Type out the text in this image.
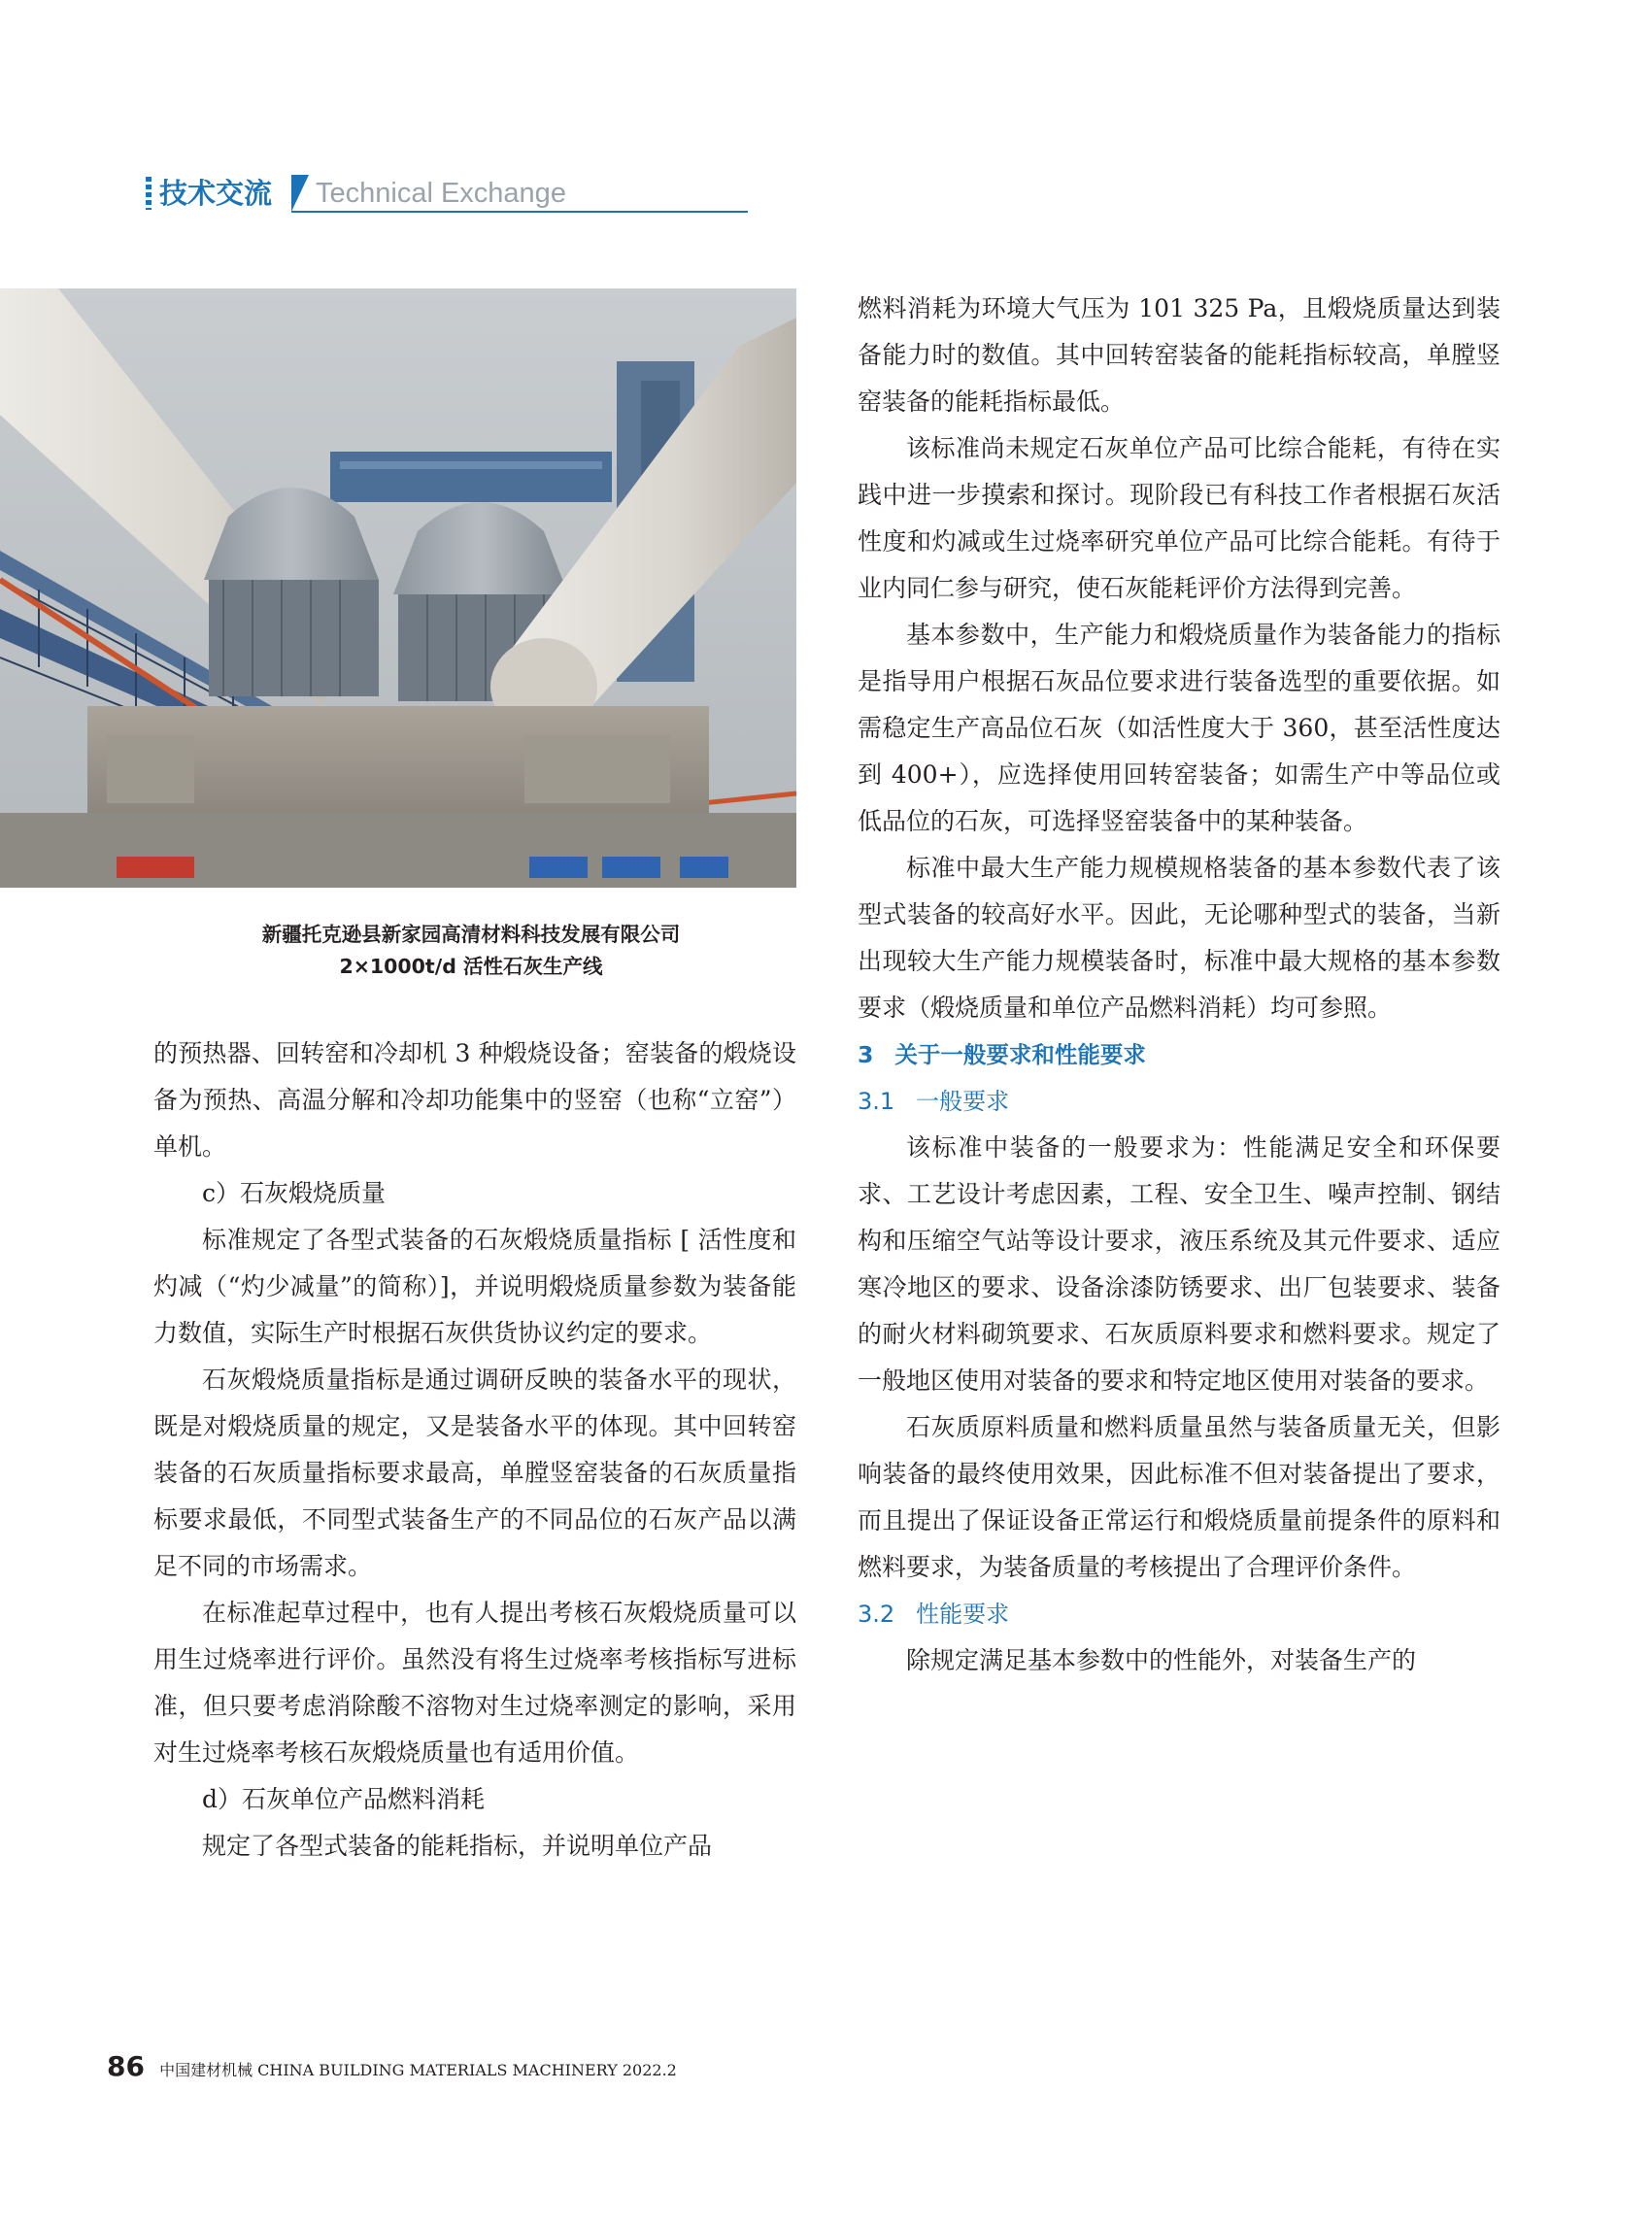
技术交流 Technical Exchange
新疆托克逊县新家园高清材料科技发展有限公司
2×1000t/d 活性石灰生产线

的预热器、回转窑和冷却机 3 种煅烧设备；窑装备的煅烧设备为预热、高温分解和冷却功能集中的竖窑（也称“立窑”）单机。

c）石灰煅烧质量

标准规定了各型式装备的石灰煅烧质量指标 [ 活性度和灼减（“灼少减量”的简称）]，并说明煅烧质量参数为装备能力数值，实际生产时根据石灰供货协议约定的要求。

石灰煅烧质量指标是通过调研反映的装备水平的现状，既是对煅烧质量的规定，又是装备水平的体现。其中回转窑装备的石灰质量指标要求最高，单膛竖窑装备的石灰质量指标要求最低，不同型式装备生产的不同品位的石灰产品以满足不同的市场需求。

在标准起草过程中，也有人提出考核石灰煅烧质量可以用生过烧率进行评价。虽然没有将生过烧率考核指标写进标准，但只要考虑消除酸不溶物对生过烧率测定的影响，采用对生过烧率考核石灰煅烧质量也有适用价值。

d）石灰单位产品燃料消耗

规定了各型式装备的能耗指标，并说明单位产品

燃料消耗为环境大气压为 101 325 Pa，且煅烧质量达到装备能力时的数值。其中回转窑装备的能耗指标较高，单膛竖窑装备的能耗指标最低。

该标准尚未规定石灰单位产品可比综合能耗，有待在实践中进一步摸索和探讨。现阶段已有科技工作者根据石灰活性度和灼减或生过烧率研究单位产品可比综合能耗。有待于业内同仁参与研究，使石灰能耗评价方法得到完善。

基本参数中，生产能力和煅烧质量作为装备能力的指标是指导用户根据石灰品位要求进行装备选型的重要依据。如需稳定生产高品位石灰（如活性度大于 360，甚至活性度达到 400+），应选择使用回转窑装备；如需生产中等品位或低品位的石灰，可选择竖窑装备中的某种装备。

标准中最大生产能力规模规格装备的基本参数代表了该型式装备的较高好水平。因此，无论哪种型式的装备，当新出现较大生产能力规模装备时，标准中最大规格的基本参数要求（煅烧质量和单位产品燃料消耗）均可参照。

3 关于一般要求和性能要求
3.1 一般要求

该标准中装备的一般要求为：性能满足安全和环保要求、工艺设计考虑因素，工程、安全卫生、噪声控制、钢结构和压缩空气站等设计要求，液压系统及其元件要求、适应寒冷地区的要求、设备涂漆防锈要求、出厂包装要求、装备的耐火材料砌筑要求、石灰质原料要求和燃料要求。规定了一般地区使用对装备的要求和特定地区使用对装备的要求。

石灰质原料质量和燃料质量虽然与装备质量无关，但影响装备的最终使用效果，因此标准不但对装备提出了要求，而且提出了保证设备正常运行和煅烧质量前提条件的原料和燃料要求，为装备质量的考核提出了合理评价条件。

3.2 性能要求

除规定满足基本参数中的性能外，对装备生产的

86 中国建材机械 CHINA BUILDING MATERIALS MACHINERY 2022.2
